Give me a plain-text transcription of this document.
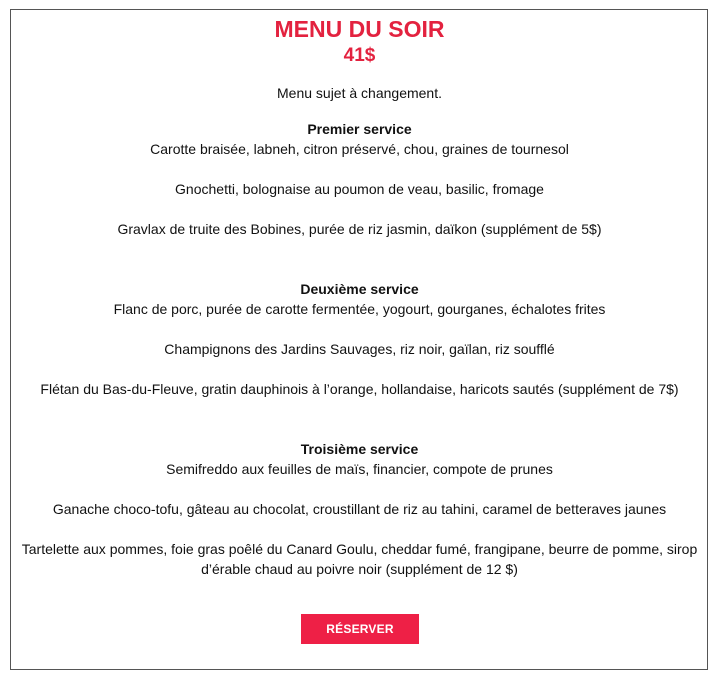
MENU DU SOIR
41$
Menu sujet à changement.
Premier service
Carotte braisée, labneh, citron préservé, chou, graines de tournesol
Gnochetti, bolognaise au poumon de veau, basilic, fromage
Gravlax de truite des Bobines, purée de riz jasmin, daïkon (supplément de 5$)
Deuxième service
Flanc de porc, purée de carotte fermentée, yogourt, gourganes, échalotes frites
Champignons des Jardins Sauvages, riz noir, gaïlan, riz soufflé
Flétan du Bas-du-Fleuve, gratin dauphinois à l’orange, hollandaise, haricots sautés (supplément de 7$)
Troisième service
Semifreddo aux feuilles de maïs, financier, compote de prunes
Ganache choco-tofu, gâteau au chocolat, croustillant de riz au tahini, caramel de betteraves jaunes
Tartelette aux pommes, foie gras poêlé du Canard Goulu, cheddar fumé, frangipane, beurre de pomme, sirop
d’érable chaud au poivre noir (supplément de 12 $)
RÉSERVER
